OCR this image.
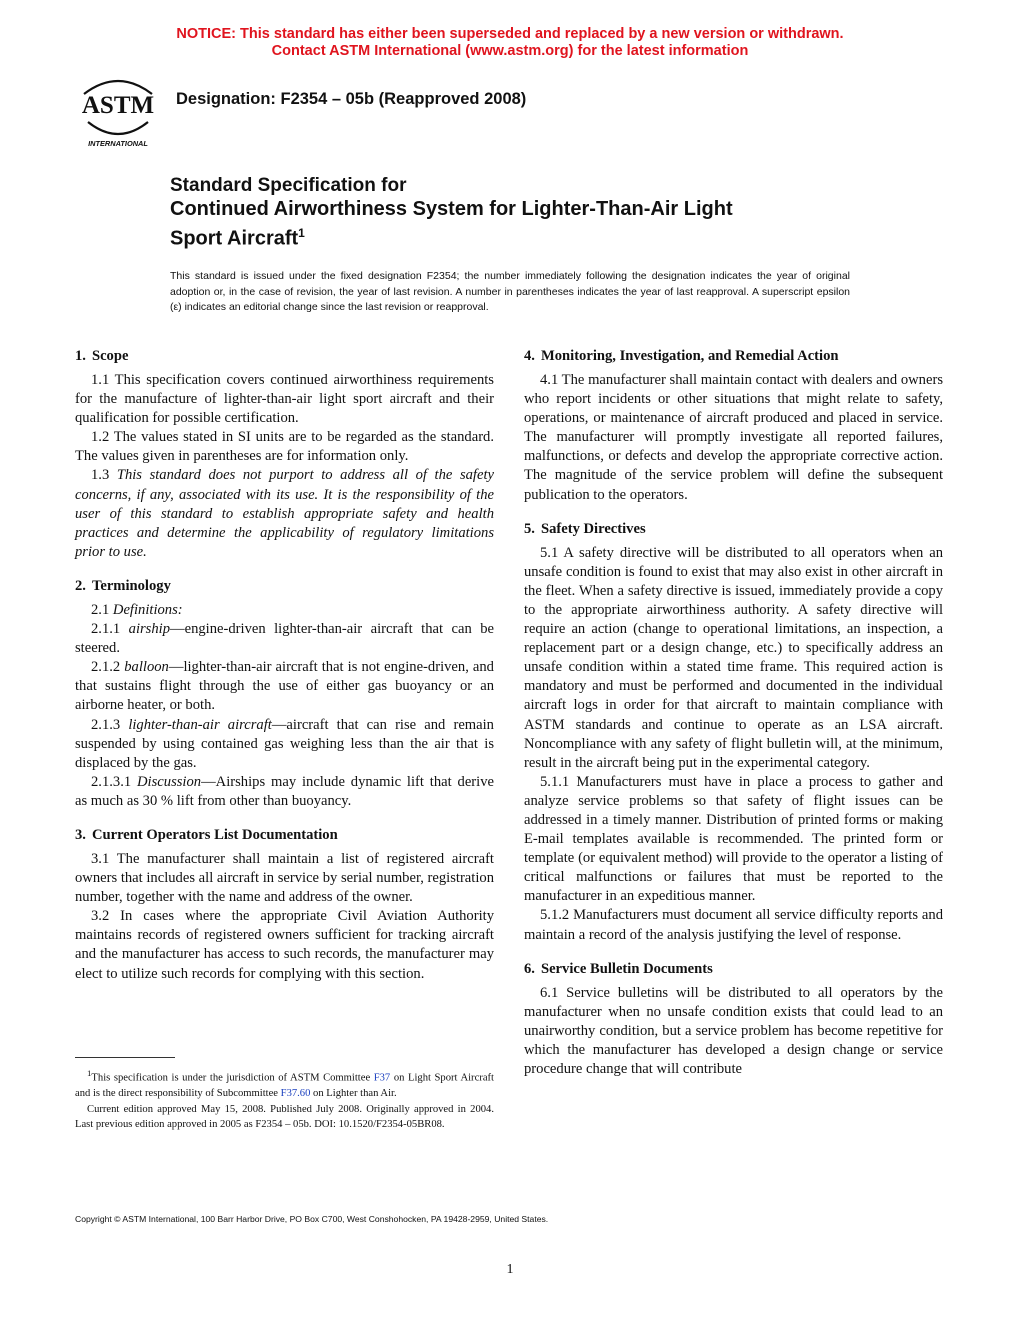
NOTICE: This standard has either been superseded and replaced by a new version or withdrawn.
Contact ASTM International (www.astm.org) for the latest information
ASTM
INTERNATIONAL
Designation: F2354 – 05b (Reapproved 2008)
Standard Specification for
Continued Airworthiness System for Lighter-Than-Air Light
Sport Aircraft$^1$
This standard is issued under the fixed designation F2354; the number immediately following the designation indicates the year of original adoption or, in the case of revision, the year of last revision. A number in parentheses indicates the year of last reapproval. A superscript epsilon (ε) indicates an editorial change since the last revision or reapproval.
1. Scope

1.1 This specification covers continued airworthiness requirements for the manufacture of lighter-than-air light sport aircraft and their qualification for possible certification.

1.2 The values stated in SI units are to be regarded as the standard. The values given in parentheses are for information only.

1.3 This standard does not purport to address all of the safety concerns, if any, associated with its use. It is the responsibility of the user of this standard to establish appropriate safety and health practices and determine the applicability of regulatory limitations prior to use.

2. Terminology

2.1 Definitions:

2.1.1 airship—engine-driven lighter-than-air aircraft that can be steered.

2.1.2 balloon—lighter-than-air aircraft that is not engine-driven, and that sustains flight through the use of either gas buoyancy or an airborne heater, or both.

2.1.3 lighter-than-air aircraft—aircraft that can rise and remain suspended by using contained gas weighing less than the air that is displaced by the gas.

2.1.3.1 Discussion—Airships may include dynamic lift that derive as much as 30 % lift from other than buoyancy.

3. Current Operators List Documentation

3.1 The manufacturer shall maintain a list of registered aircraft owners that includes all aircraft in service by serial number, registration number, together with the name and address of the owner.

3.2 In cases where the appropriate Civil Aviation Authority maintains records of registered owners sufficient for tracking aircraft and the manufacturer has access to such records, the manufacturer may elect to utilize such records for complying with this section.

4. Monitoring, Investigation, and Remedial Action

4.1 The manufacturer shall maintain contact with dealers and owners who report incidents or other situations that might relate to safety, operations, or maintenance of aircraft produced and placed in service. The manufacturer will promptly investigate all reported failures, malfunctions, or defects and develop the appropriate corrective action. The magnitude of the service problem will define the subsequent publication to the operators.

5. Safety Directives

5.1 A safety directive will be distributed to all operators when an unsafe condition is found to exist that may also exist in other aircraft in the fleet. When a safety directive is issued, immediately provide a copy to the appropriate airworthiness authority. A safety directive will require an action (change to operational limitations, an inspection, a replacement part or a design change, etc.) to specifically address an unsafe condition within a stated time frame. This required action is mandatory and must be performed and documented in the individual aircraft logs in order for that aircraft to maintain compliance with ASTM standards and continue to operate as an LSA aircraft. Noncompliance with any safety of flight bulletin will, at the minimum, result in the aircraft being put in the experimental category.

5.1.1 Manufacturers must have in place a process to gather and analyze service problems so that safety of flight issues can be addressed in a timely manner. Distribution of printed forms or making E-mail templates available is recommended. The printed form or template (or equivalent method) will provide to the operator a listing of critical malfunctions or failures that must be reported to the manufacturer in an expeditious manner.

5.1.2 Manufacturers must document all service difficulty reports and maintain a record of the analysis justifying the level of response.

6. Service Bulletin Documents

6.1 Service bulletins will be distributed to all operators by the manufacturer when no unsafe condition exists that could lead to an unairworthy condition, but a service problem has become repetitive for which the manufacturer has developed a design change or service procedure change that will contribute

$^1$This specification is under the jurisdiction of ASTM Committee F37 on Light Sport Aircraft and is the direct responsibility of Subcommittee F37.60 on Lighter than Air.

Current edition approved May 15, 2008. Published July 2008. Originally approved in 2004. Last previous edition approved in 2005 as F2354 – 05b. DOI: 10.1520/F2354-05BR08.

Copyright © ASTM International, 100 Barr Harbor Drive, PO Box C700, West Conshohocken, PA 19428-2959, United States.
1
